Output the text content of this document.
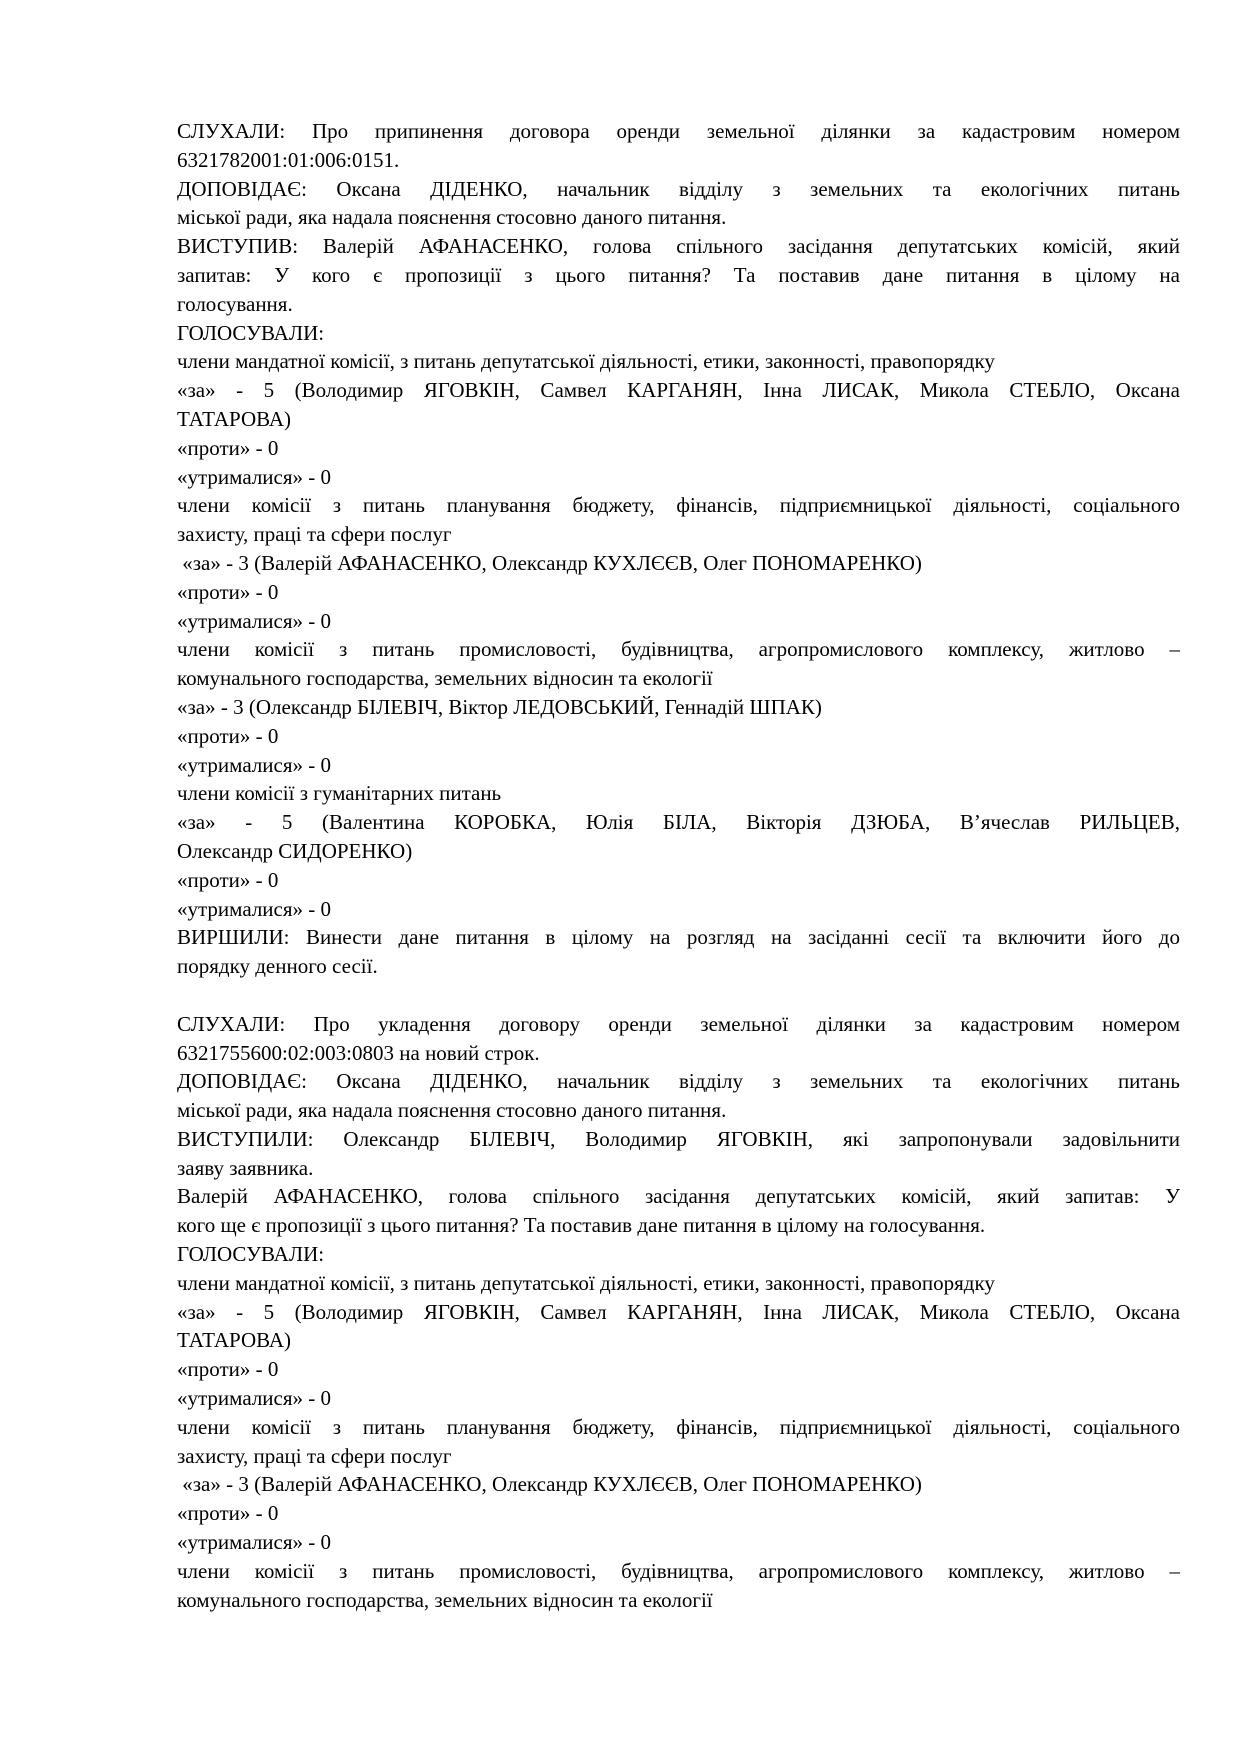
СЛУХАЛИ: Про припинення договора оренди земельної ділянки за кадастровим номером
6321782001:01:006:0151.
ДОПОВІДАЄ: Оксана ДІДЕНКО, начальник відділу з земельних та екологічних питань
міської ради, яка надала пояснення стосовно даного питання.
ВИСТУПИВ: Валерій АФАНАСЕНКО, голова спільного засідання депутатських комісій, який
запитав: У кого є пропозиції з цього питання? Та поставив дане питання в цілому на
голосування.
ГОЛОСУВАЛИ:
члени мандатної комісії, з питань депутатської діяльності, етики, законності, правопорядку
«за» - 5 (Володимир ЯГОВКІН, Самвел КАРГАНЯН, Інна ЛИСАК, Микола СТЕБЛО, Оксана
ТАТАРОВА)
«проти» - 0
«утрималися» - 0
члени комісії з питань планування бюджету, фінансів, підприємницької діяльності, соціального
захисту, праці та сфери послуг
«за» - 3 (Валерій АФАНАСЕНКО, Олександр КУХЛЄЄВ, Олег ПОНОМАРЕНКО)
«проти» - 0
«утрималися» - 0
члени комісії з питань промисловості, будівництва, агропромислового комплексу, житлово –
комунального господарства, земельних відносин та екології
«за» - 3 (Олександр БІЛЕВІЧ, Віктор ЛЕДОВСЬКИЙ, Геннадій ШПАК)
«проти» - 0
«утрималися» - 0
члени комісії з гуманітарних питань
«за» - 5 (Валентина КОРОБКА, Юлія БІЛА, Вікторія ДЗЮБА, В’ячеслав РИЛЬЦЕВ,
Олександр СИДОРЕНКО)
«проти» - 0
«утрималися» - 0
ВИРШИЛИ: Винести дане питання в цілому на розгляд на засіданні сесії та включити його до
порядку денного сесії.
СЛУХАЛИ: Про укладення договору оренди земельної ділянки за кадастровим номером
6321755600:02:003:0803 на новий строк.
ДОПОВІДАЄ: Оксана ДІДЕНКО, начальник відділу з земельних та екологічних питань
міської ради, яка надала пояснення стосовно даного питання.
ВИСТУПИЛИ: Олександр БІЛЕВІЧ, Володимир ЯГОВКІН, які запропонували задовільнити
заяву заявника.
Валерій АФАНАСЕНКО, голова спільного засідання депутатських комісій, який запитав: У
кого ще є пропозиції з цього питання? Та поставив дане питання в цілому на голосування.
ГОЛОСУВАЛИ:
члени мандатної комісії, з питань депутатської діяльності, етики, законності, правопорядку
«за» - 5 (Володимир ЯГОВКІН, Самвел КАРГАНЯН, Інна ЛИСАК, Микола СТЕБЛО, Оксана
ТАТАРОВА)
«проти» - 0
«утрималися» - 0
члени комісії з питань планування бюджету, фінансів, підприємницької діяльності, соціального
захисту, праці та сфери послуг
«за» - 3 (Валерій АФАНАСЕНКО, Олександр КУХЛЄЄВ, Олег ПОНОМАРЕНКО)
«проти» - 0
«утрималися» - 0
члени комісії з питань промисловості, будівництва, агропромислового комплексу, житлово –
комунального господарства, земельних відносин та екології
